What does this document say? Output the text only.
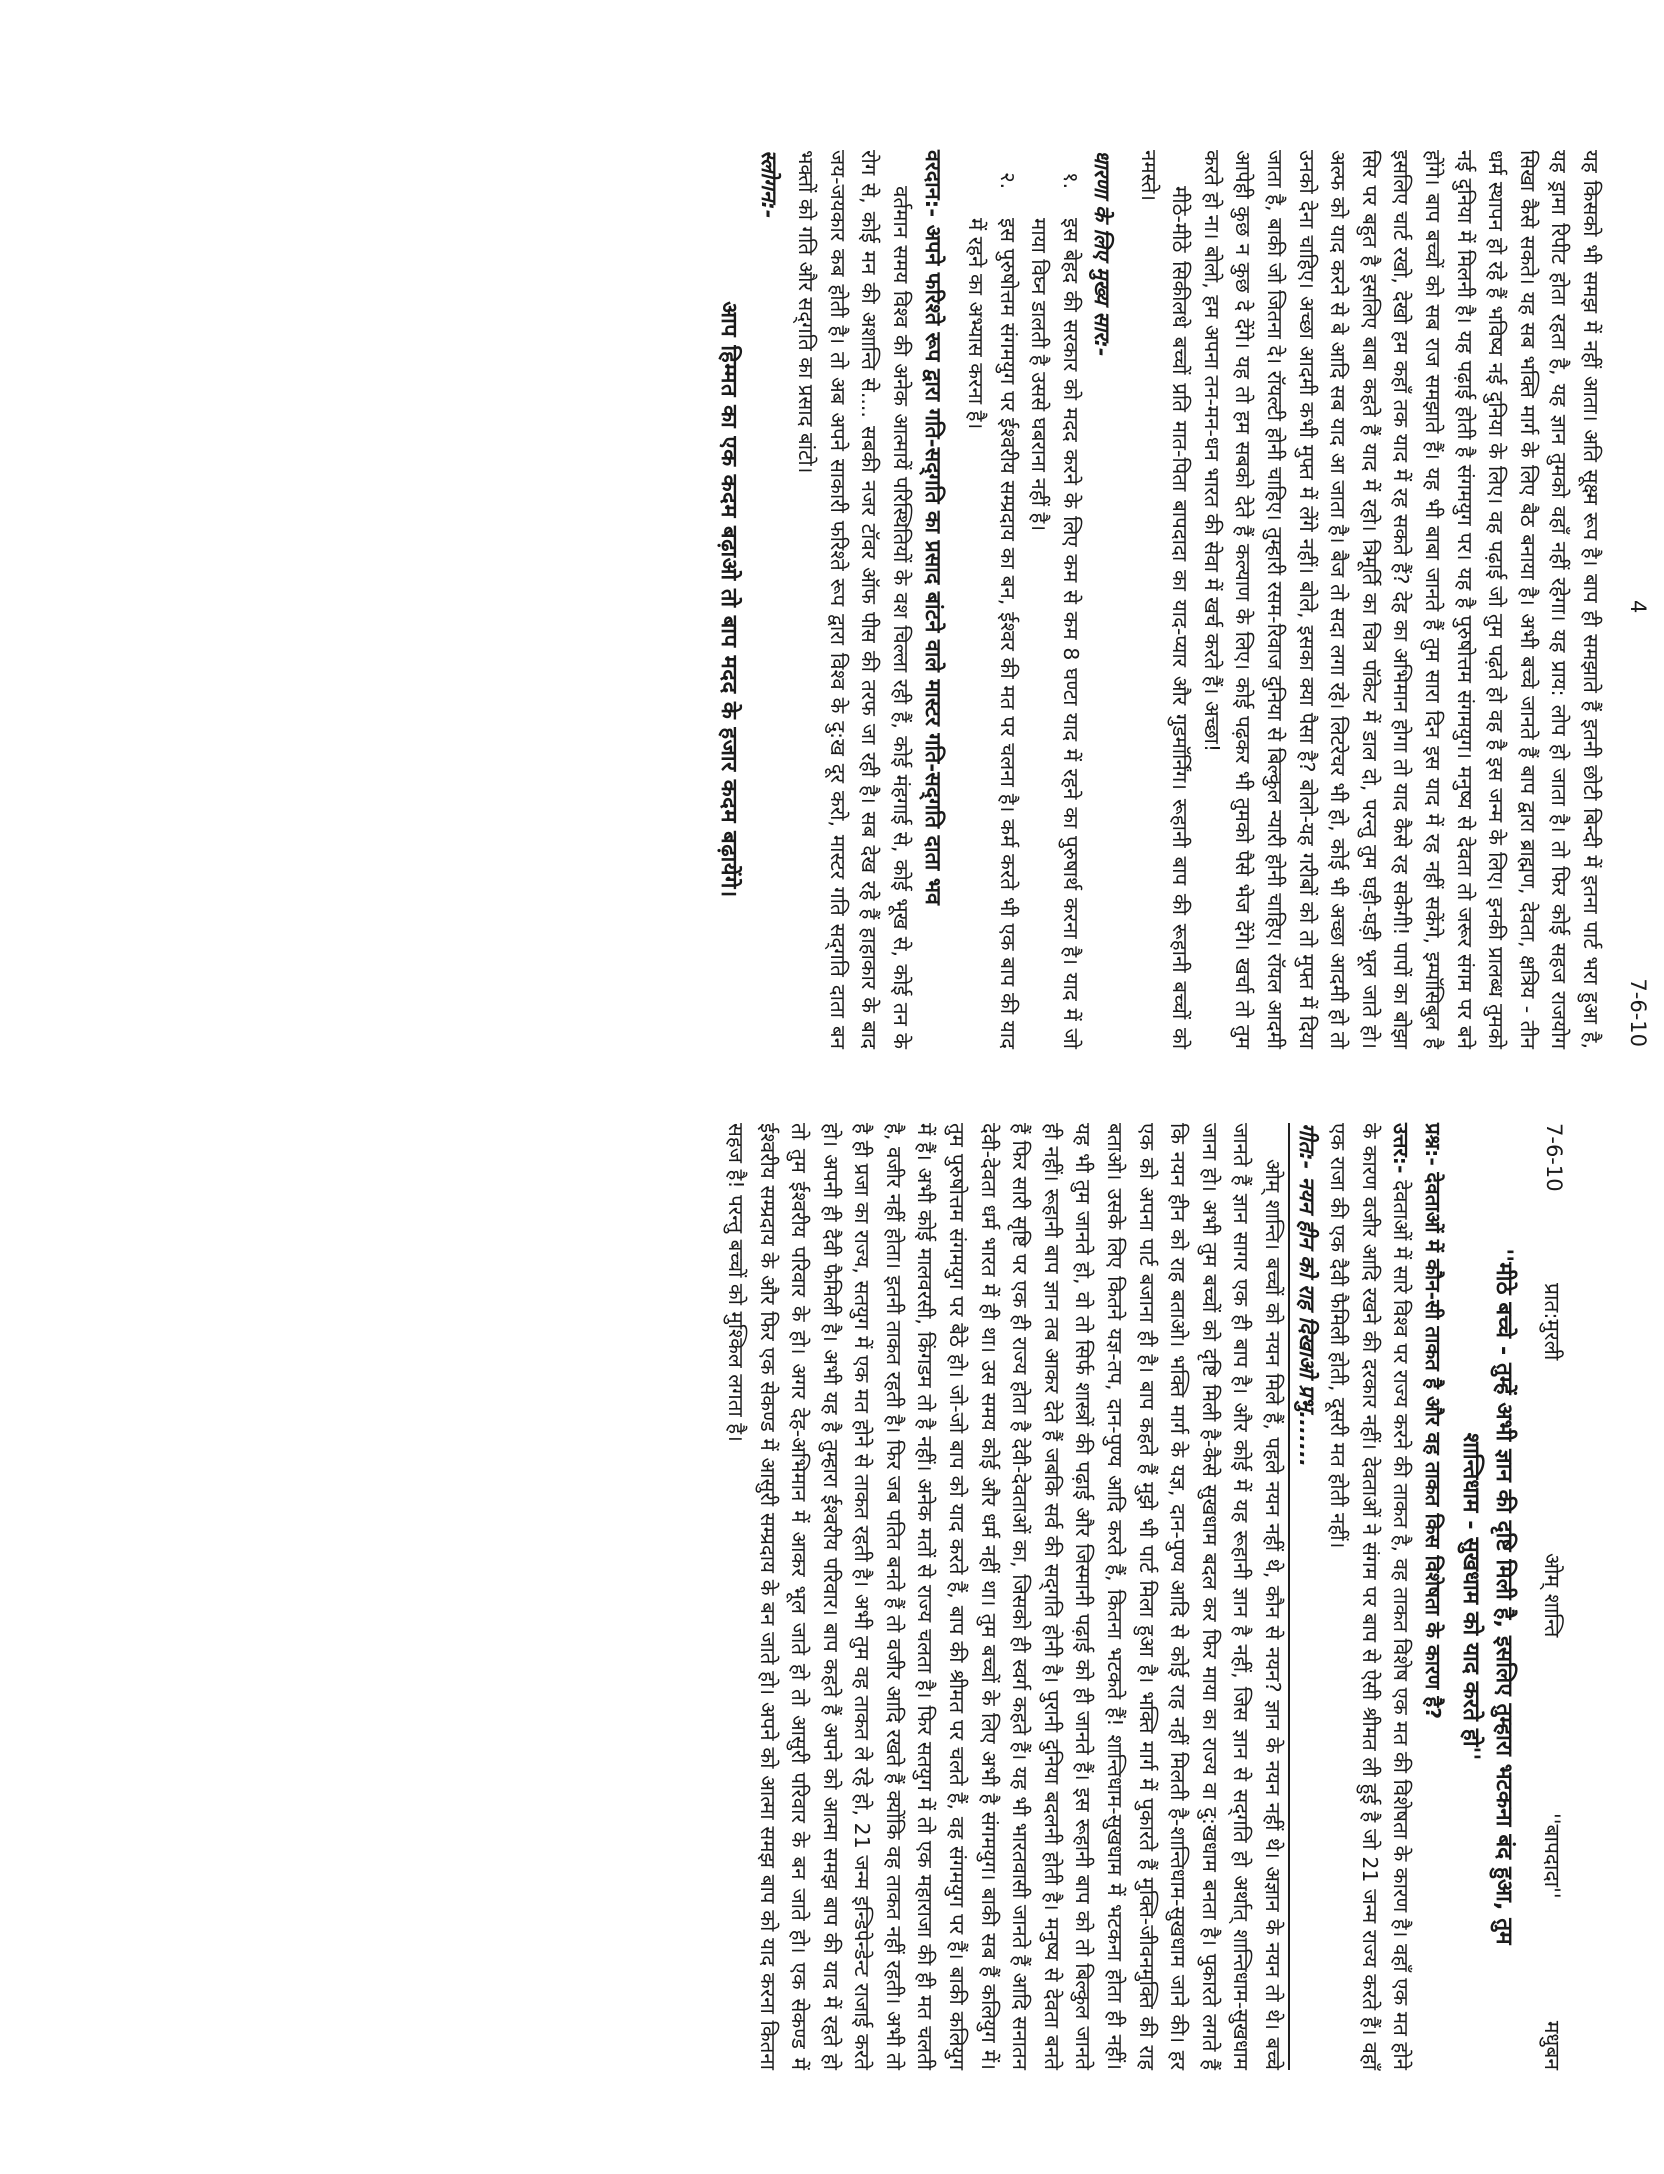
4
7-6-10

यह किसको भी समझ में नहीं आता। अति सूक्ष्म रूप है। बाप ही समझाते हैं इतनी छोटी बिन्दी में इतना पार्ट भरा हुआ है, यह ड्रामा रिपीट होता रहता है, यह ज्ञान तुमको वहाँ नहीं रहेगा। यह प्राय: लोप हो जाता है। तो फिर कोई सहज राजयोग सिखा कैसे सकते। यह सब भक्ति मार्ग के लिए बैठ बनाया है। अभी बच्चे जानते हैं बाप द्वारा ब्राह्मण, देवता, क्षत्रिय - तीन धर्म स्थापन हो रहे हैं भविष्य नई दुनिया के लिए। वह पढ़ाई जो तुम पढ़ते हो वह है इस जन्म के लिए। इनकी प्रालब्ध तुमको नई दुनिया में मिलनी है। यह पढ़ाई होती है संगमयुग पर। यह है पुरुषोत्तम संगमयुग। मनुष्य से देवता तो जरूर संगम पर बने होंगे। बाप बच्चों को सब राज समझाते हैं। यह भी बाबा जानते हैं तुम सारा दिन इस याद में रह नहीं सकेंगे, इम्पॉसिबुल है इसलिए चार्ट रखो, देखो हम कहाँ तक याद में रह सकते हैं? देह का अभिमान होगा तो याद कैसे रह सकेगी! पापों का बोझा सिर पर बहुत है इसलिए बाबा कहते हैं याद में रहो। त्रिमूर्ति का चित्र पॉकेट में डाल दो, परन्तु तुम घड़ी-घड़ी भूल जाते हो। अल्फ को याद करने से बे आदि सब याद आ जाता है। बैज तो सदा लगा रहे। लिटरेचर भी हो, कोई भी अच्छा आदमी हो तो उनको देना चाहिए। अच्छा आदमी कभी मुफ्त में लेंगे नहीं। बोले, इसका क्या पैसा है? बोलो-यह गरीबों को तो मुफ्त में दिया जाता है, बाकी जो जितना दे। रॉयल्टी होनी चाहिए। तुम्हारी रसम-रिवाज दुनिया से बिल्कुल न्यारी होनी चाहिए। रॉयल आदमी आपेही कुछ न कुछ दे देंगे। यह तो हम सबको देते हैं कल्याण के लिए। कोई पढ़कर भी तुमको पैसे भेज देंगे। खर्चा तो तुम करते हो ना। बोलो, हम अपना तन-मन-धन भारत की सेवा में खर्च करते हैं। अच्छा!

मीठे-मीठे सिकीलधे बच्चों प्रति मात-पिता बापदादा का याद-प्यार और गुडमॉर्निंग। रूहानी बाप की रूहानी बच्चों को नमस्ते।

धारणा के लिए मुख्य सार:-
१.
इस बेहद की सरकार को मदद करने के लिए कम से कम 8 घण्टा याद में रहने का पुरुषार्थ करना है। याद में जो माया विघ्न डालती है उससे घबराना नहीं है।
२.
इस पुरुषोत्तम संगमयुग पर ईश्वरीय सम्प्रदाय का बन, ईश्वर की मत पर चलना है। कर्म करते भी एक बाप की याद में रहने का अभ्यास करना है।
वरदान:- अपने फरिश्ते रूप द्वारा गति-सद्‌गति का प्रसाद बांटने वाले मास्टर गति-सद्‌गति दाता भव

वर्तमान समय विश्व की अनेक आत्मायें परिस्थितियों के वश चिल्ला रही हैं, कोई मंहगाई से, कोई भूख से, कोई तन के रोग से, कोई मन की अशान्ति से.... सबकी नजर टॉवर ऑफ पीस की तरफ जा रही है। सब देख रहे हैं हाहाकार के बाद जय-जयकार कब होती है। तो अब अपने साकारी फरिश्ते रूप द्वारा विश्व के दु:ख दूर करो, मास्टर गति सद्‌गति दाता बन भक्तों को गति और सद्‌गति का प्रसाद बांटो।

स्लोगन:-
आप हिम्मत का एक कदम बढ़ाओ तो बाप मदद के हजार कदम बढ़ायेंगे।
7-6-10
प्रात:मुरली
ओम् शान्ति
''बापदादा''
मधुबन
''मीठे बच्चे - तुम्हें अभी ज्ञान की दृष्टि मिली है, इसलिए तुम्हारा भटकना बंद हुआ, तुम
शान्तिधाम - सुखधाम को याद करते हो''

प्रश्न:- देवताओं में कौन-सी ताकत है और वह ताकत किस विशेषता के कारण है?

उत्तर:- देवताओं में सारे विश्व पर राज्य करने की ताकत है, वह ताकत विशेष एक मत की विशेषता के कारण है। वहाँ एक मत होने के कारण वजीर आदि रखने की दरकार नहीं। देवताओं ने संगम पर बाप से ऐसी श्रीमत ली हुई है जो 21 जन्म राज्य करते हैं। वहाँ एक राजा की एक दैवी फैमिली होती, दूसरी मत होती नहीं।

गीत:- नयन हीन को राह दिखाओ प्रभु.......

ओम् शान्ति। बच्चों को नयन मिले हैं, पहले नयन नहीं थे, कौन से नयन? ज्ञान के नयन नहीं थे। अज्ञान के नयन तो थे। बच्चे जानते हैं ज्ञान सागर एक ही बाप है। और कोई में यह रूहानी ज्ञान है नहीं, जिस ज्ञान से सद्‌गति हो अर्थात् शान्तिधाम-सुखधाम जाना हो। अभी तुम बच्चों को दृष्टि मिली है-कैसे सुखधाम बदल कर फिर माया का राज्य वा दु:खधाम बनता है। पुकारते लगते हैं कि नयन हीन को राह बताओ। भक्ति मार्ग के यज्ञ, दान-पुण्य आदि से कोई राह नहीं मिलती है-शान्तिधाम-सुखधाम जाने की। हर एक को अपना पार्ट बजाना ही है। बाप कहते हैं मुझे भी पार्ट मिला हुआ है। भक्ति मार्ग में पुकारते हैं मुक्ति-जीवनमुक्ति की राह बताओ। उसके लिए कितने यज्ञ-तप, दान-पुण्य आदि करते हैं, कितना भटकते हैं! शान्तिधाम-सुखधाम में भटकना होता ही नहीं। यह भी तुम जानते हो, वो तो सिर्फ शास्त्रों की पढ़ाई और जिस्मानी पढ़ाई को ही जानते हैं। इस रूहानी बाप को तो बिल्कुल जानते ही नहीं। रूहानी बाप ज्ञान तब आकर देते हैं जबकि सर्व की सद्‌गति होनी है। पुरानी दुनिया बदलनी होती है। मनुष्य से देवता बनते हैं फिर सारी सृष्टि पर एक ही राज्य होता है देवी-देवताओं का, जिसको ही स्वर्ग कहते हैं। यह भी भारतवासी जानते हैं आदि सनातन देवी-देवता धर्म भारत में ही था। उस समय कोई और धर्म नहीं था। तुम बच्चों के लिए अभी है संगमयुग। बाकी सब हैं कलियुग में। तुम पुरुषोत्तम संगमयुग पर बैठे हो। जो-जो बाप को याद करते हैं, बाप की श्रीमत पर चलते हैं, वह संगमयुग पर हैं। बाकी कलियुग में हैं। अभी कोई मालवरसी, किंगडम तो है नहीं। अनेक मतों से राज्य चलता है। फिर सतयुग में तो एक महाराजा की ही मत चलती है, वजीर नहीं होता। इतनी ताकत रहती है। फिर जब पतित बनते हैं तो वजीर आदि रखते हैं क्योंकि वह ताकत नहीं रहती। अभी तो है ही प्रजा का राज्य, सतयुग में एक मत होने से ताकत रहती है। अभी तुम वह ताकत ले रहे हो, 21 जन्म इन्डिपेन्डेन्ट राजाई करते हो। अपनी ही दैवी फैमिली है। अभी यह है तुम्हारा ईश्वरीय परिवार। बाप कहते हैं अपने को आत्मा समझ बाप की याद में रहते हो तो तुम ईश्वरीय परिवार के हो। अगर देह-अभिमान में आकर भूल जाते हो तो आसुरी परिवार के बन जाते हो। एक सेकण्ड में ईश्वरीय सम्प्रदाय के और फिर एक सेकण्ड में आसुरी सम्प्रदाय के बन जाते हो। अपने को आत्मा समझ बाप को याद करना कितना सहज है! परन्तु बच्चों को मुश्किल लगता है।
